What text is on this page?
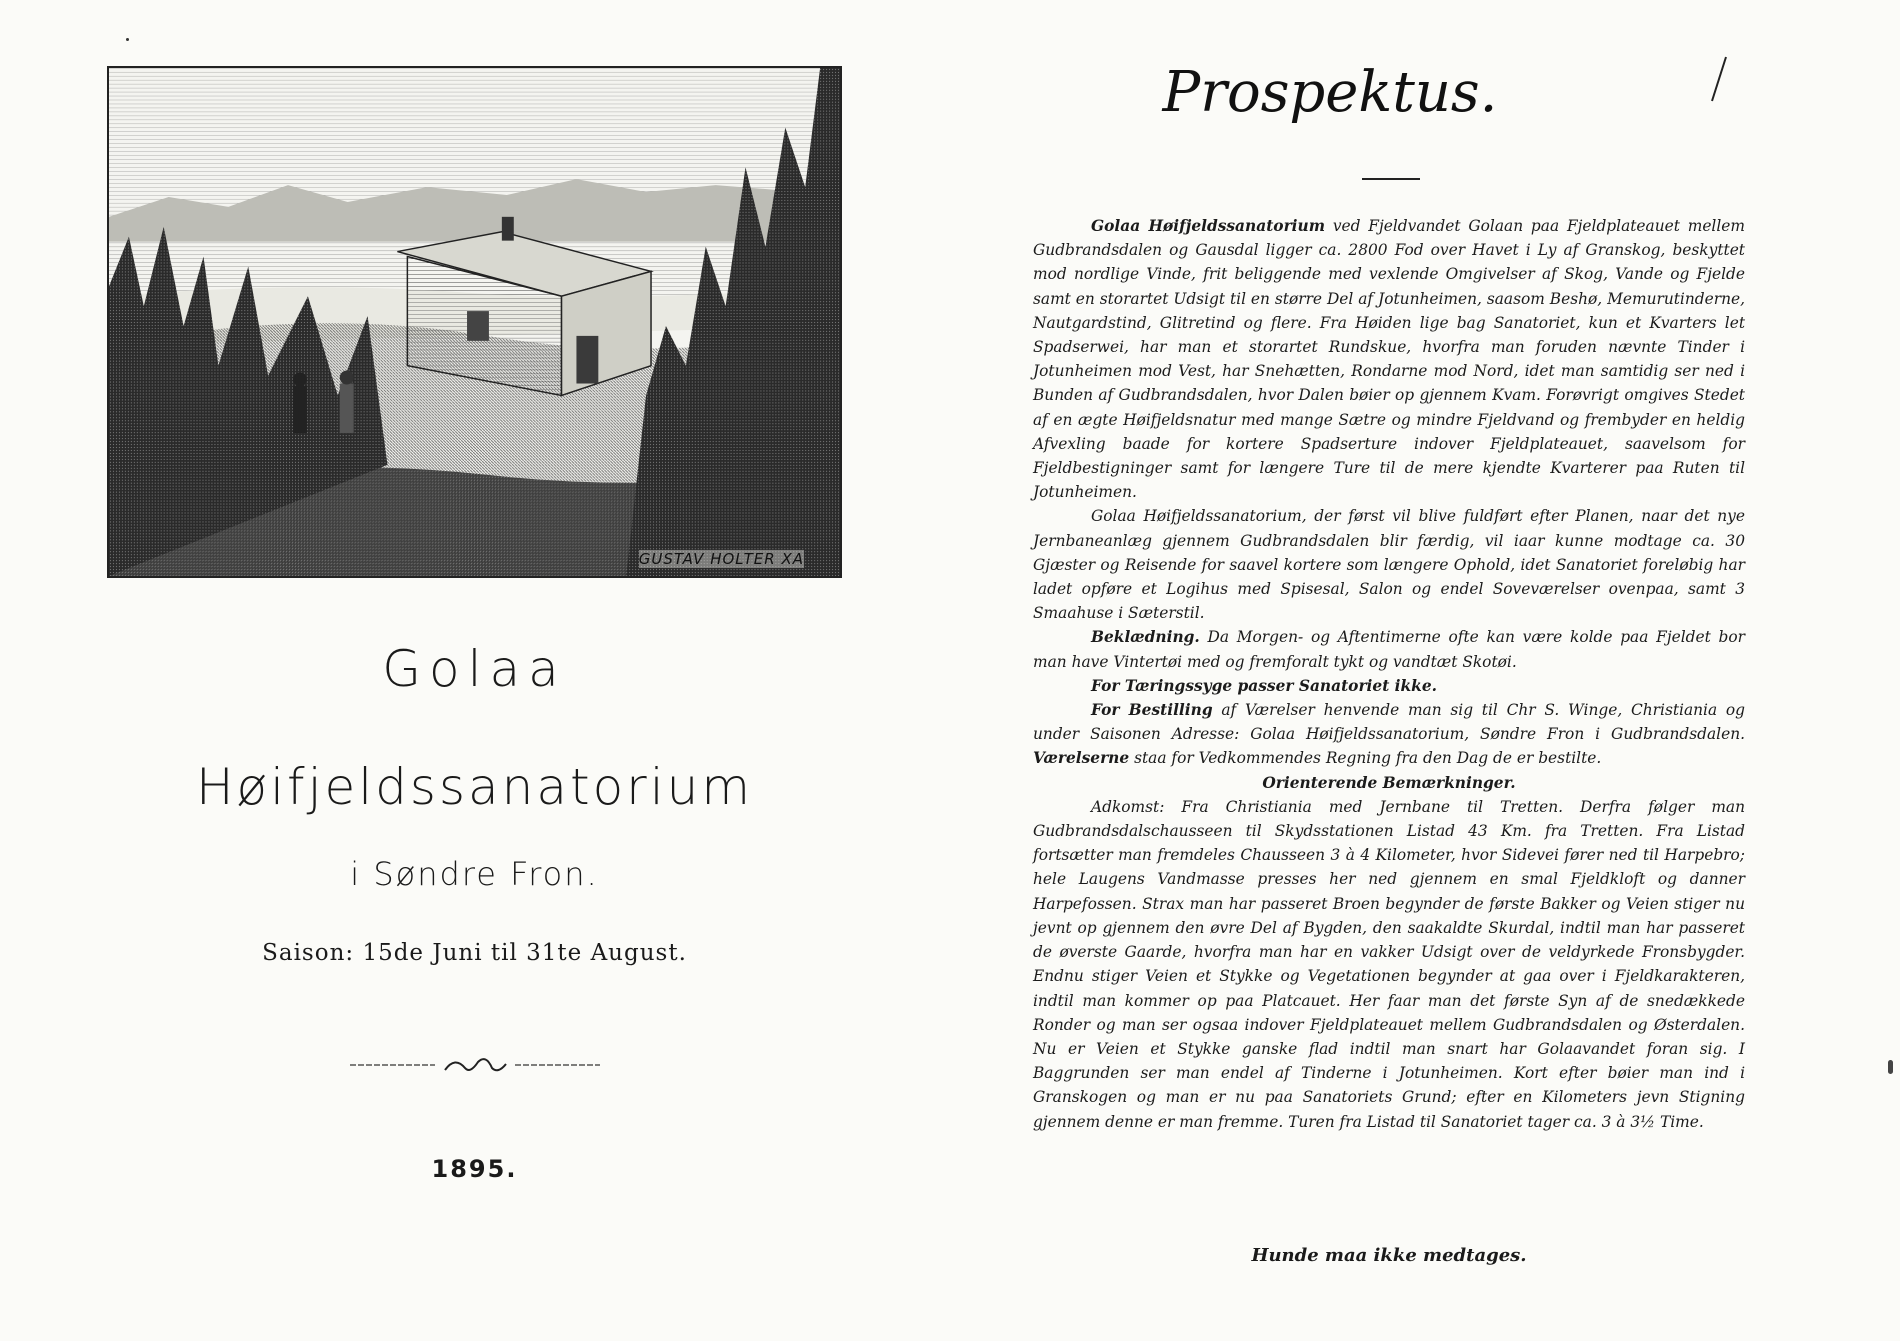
GUSTAV HOLTER XA
Golaa
Høifjeldssanatorium
i Søndre Fron.
Saison: 15de Juni til 31te August.
1895.
Prospektus.

Golaa Høifjeldssanatorium ved Fjeldvandet Golaan paa Fjeldplateauet mellem Gudbrandsdalen og Gausdal ligger ca. 2800 Fod over Havet i Ly af Granskog, beskyttet mod nordlige Vinde, frit beliggende med vexlende Omgivelser af Skog, Vande og Fjelde samt en storartet Udsigt til en større Del af Jotunheimen, saasom Beshø, Memurutinderne, Nautgardstind, Glitretind og flere. Fra Høiden lige bag Sanatoriet, kun et Kvarters let Spadserwei, har man et storartet Rundskue, hvorfra man foruden nævnte Tinder i Jotunheimen mod Vest, har Snehætten, Rondarne mod Nord, idet man samtidig ser ned i Bunden af Gudbrandsdalen, hvor Dalen bøier op gjennem Kvam. Forøvrigt omgives Stedet af en ægte Høifjeldsnatur med mange Sætre og mindre Fjeldvand og frembyder en heldig Afvexling baade for kortere Spadserture indover Fjeldplateauet, saavelsom for Fjeldbestigninger samt for længere Ture til de mere kjendte Kvarterer paa Ruten til Jotunheimen.

Golaa Høifjeldssanatorium, der først vil blive fuldført efter Planen, naar det nye Jernbaneanlæg gjennem Gudbrandsdalen blir færdig, vil iaar kunne modtage ca. 30 Gjæster og Reisende for saavel kortere som længere Ophold, idet Sanatoriet foreløbig har ladet opføre et Logihus med Spisesal, Salon og endel Soveværelser ovenpaa, samt 3 Smaahuse i Sæterstil.

Beklædning. Da Morgen- og Aftentimerne ofte kan være kolde paa Fjeldet bor man have Vintertøi med og fremforalt tykt og vandtæt Skotøi.

For Tæringssyge passer Sanatoriet ikke.

For Bestilling af Værelser henvende man sig til Chr S. Winge, Christiania og under Saisonen Adresse: Golaa Høifjeldssanatorium, Søndre Fron i Gudbrandsdalen. Værelserne staa for Vedkommendes Regning fra den Dag de er bestilte.

Orienterende Bemærkninger.

Adkomst: Fra Christiania med Jernbane til Tretten. Derfra følger man Gudbrandsdalschausseen til Skydsstationen Listad 43 Km. fra Tretten. Fra Listad fortsætter man fremdeles Chausseen 3 à 4 Kilometer, hvor Sidevei fører ned til Harpebro; hele Laugens Vandmasse presses her ned gjennem en smal Fjeldkloft og danner Harpefossen. Strax man har passeret Broen begynder de første Bakker og Veien stiger nu jevnt op gjennem den øvre Del af Bygden, den saakaldte Skurdal, indtil man har passeret de øverste Gaarde, hvorfra man har en vakker Udsigt over de veldyrkede Fronsbygder. Endnu stiger Veien et Stykke og Vegetationen begynder at gaa over i Fjeldkarakteren, indtil man kommer op paa Platcauet. Her faar man det første Syn af de snedækkede Ronder og man ser ogsaa indover Fjeldplateauet mellem Gudbrandsdalen og Østerdalen. Nu er Veien et Stykke ganske flad indtil man snart har Golaavandet foran sig. I Baggrunden ser man endel af Tinderne i Jotunheimen. Kort efter bøier man ind i Granskogen og man er nu paa Sanatoriets Grund; efter en Kilometers jevn Stigning gjennem denne er man fremme. Turen fra Listad til Sanatoriet tager ca. 3 à 3½ Time.

Hunde maa ikke medtages.
